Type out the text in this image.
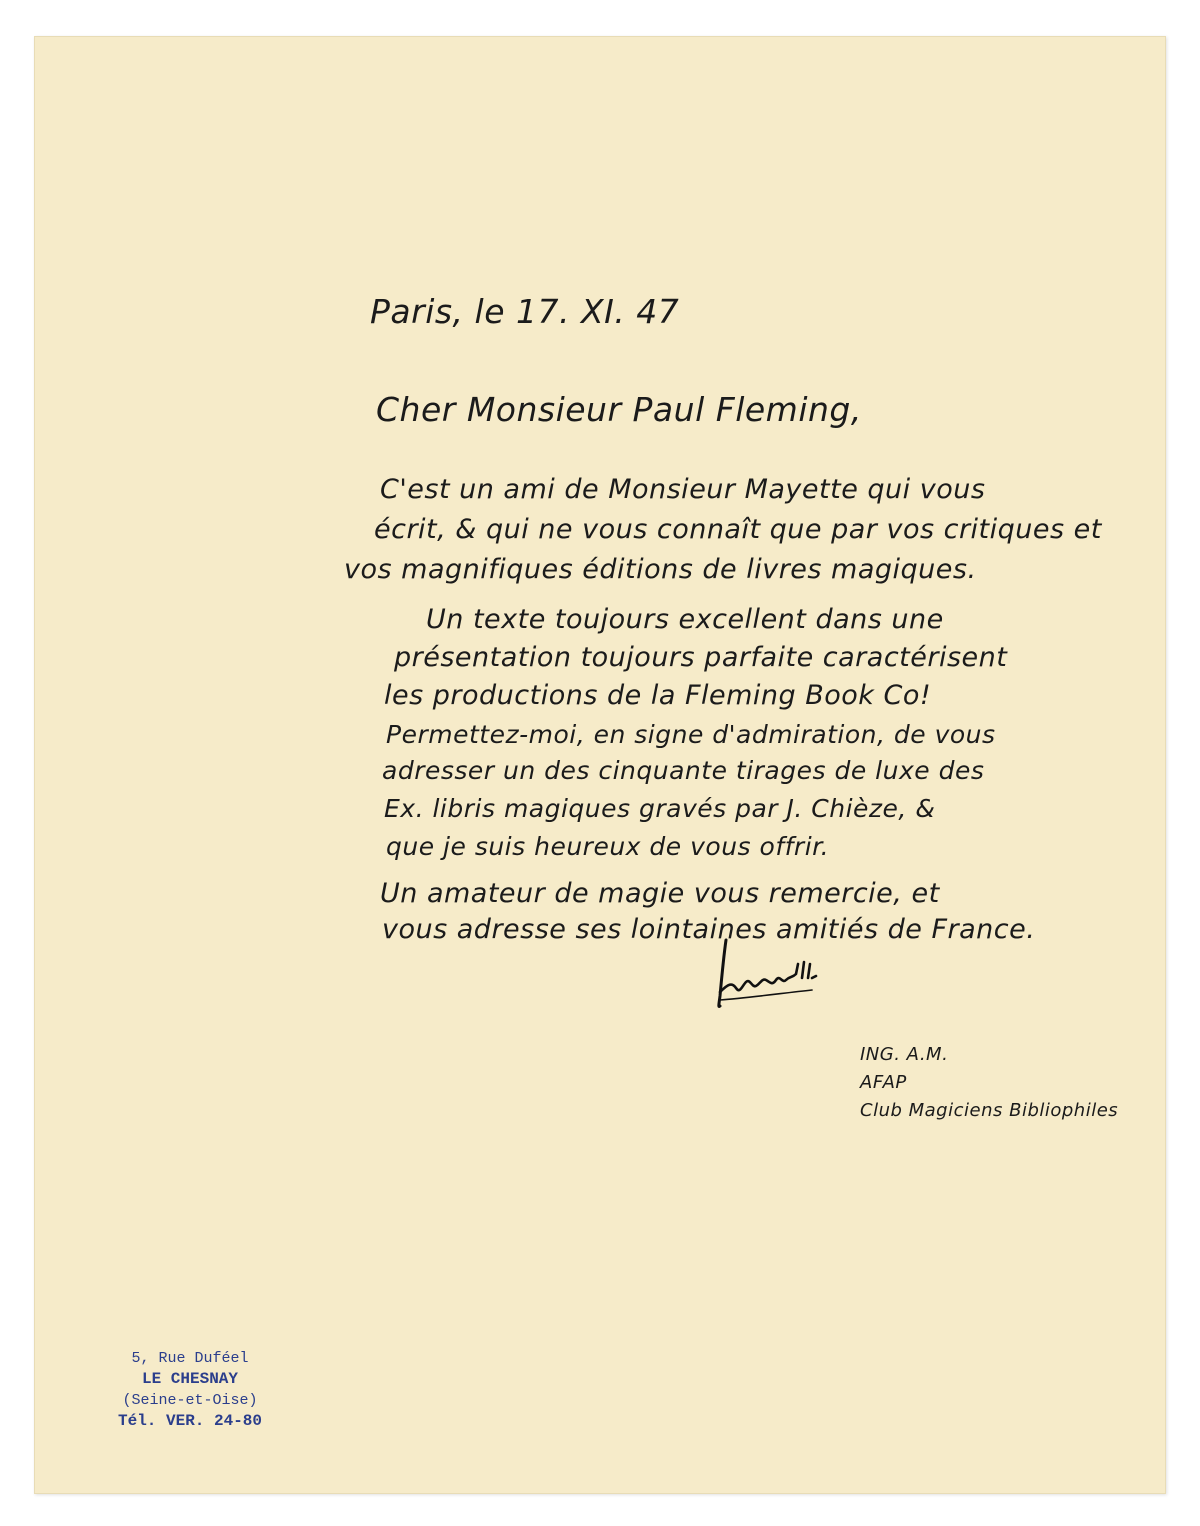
Paris, le 17. XI. 47
Cher Monsieur Paul Fleming,
C'est un ami de Monsieur Mayette qui vous
écrit, & qui ne vous connaît que par vos critiques et
vos magnifiques éditions de livres magiques.
Un texte toujours excellent dans une
présentation toujours parfaite caractérisent
les productions de la Fleming Book Co!
Permettez-moi, en signe d'admiration, de vous
adresser un des cinquante tirages de luxe des
Ex. libris magiques gravés par J. Chièze, &
que je suis heureux de vous offrir.
Un amateur de magie vous remercie, et
vous adresse ses lointaines amitiés de France.
ING. A.M.
AFAP
Club Magiciens Bibliophiles
5, Rue Duféel
LE CHESNAY
(Seine-et-Oise)
Tél. VER. 24-80
